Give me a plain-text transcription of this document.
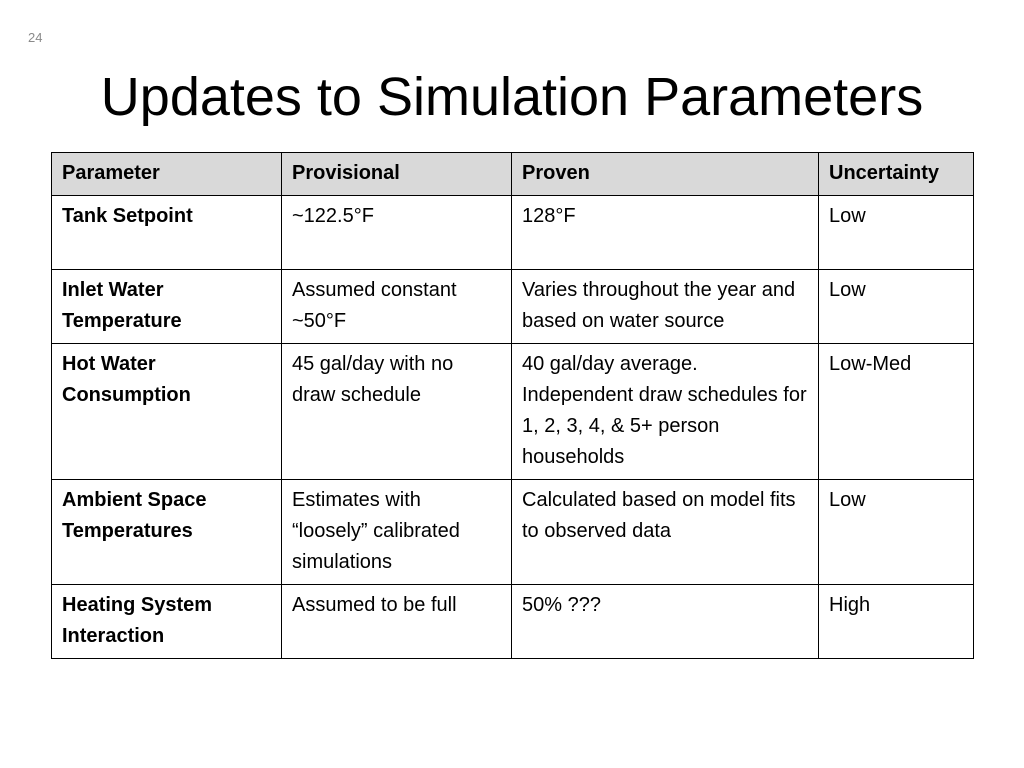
24
Updates to Simulation Parameters
Parameter	Provisional	Proven	Uncertainty
Tank Setpoint	~122.5°F	128°F	Low
Inlet Water Temperature	Assumed constant ~50°F	Varies throughout the year and based on water source	Low
Hot Water Consumption	45 gal/day with no draw schedule	40 gal/day average. Independent draw schedules for 1, 2, 3, 4, & 5+ person households	Low-Med
Ambient Space Temperatures	Estimates with “loosely” calibrated simulations	Calculated based on model fits to observed data	Low
Heating System Interaction	Assumed to be full	50% ???	High
